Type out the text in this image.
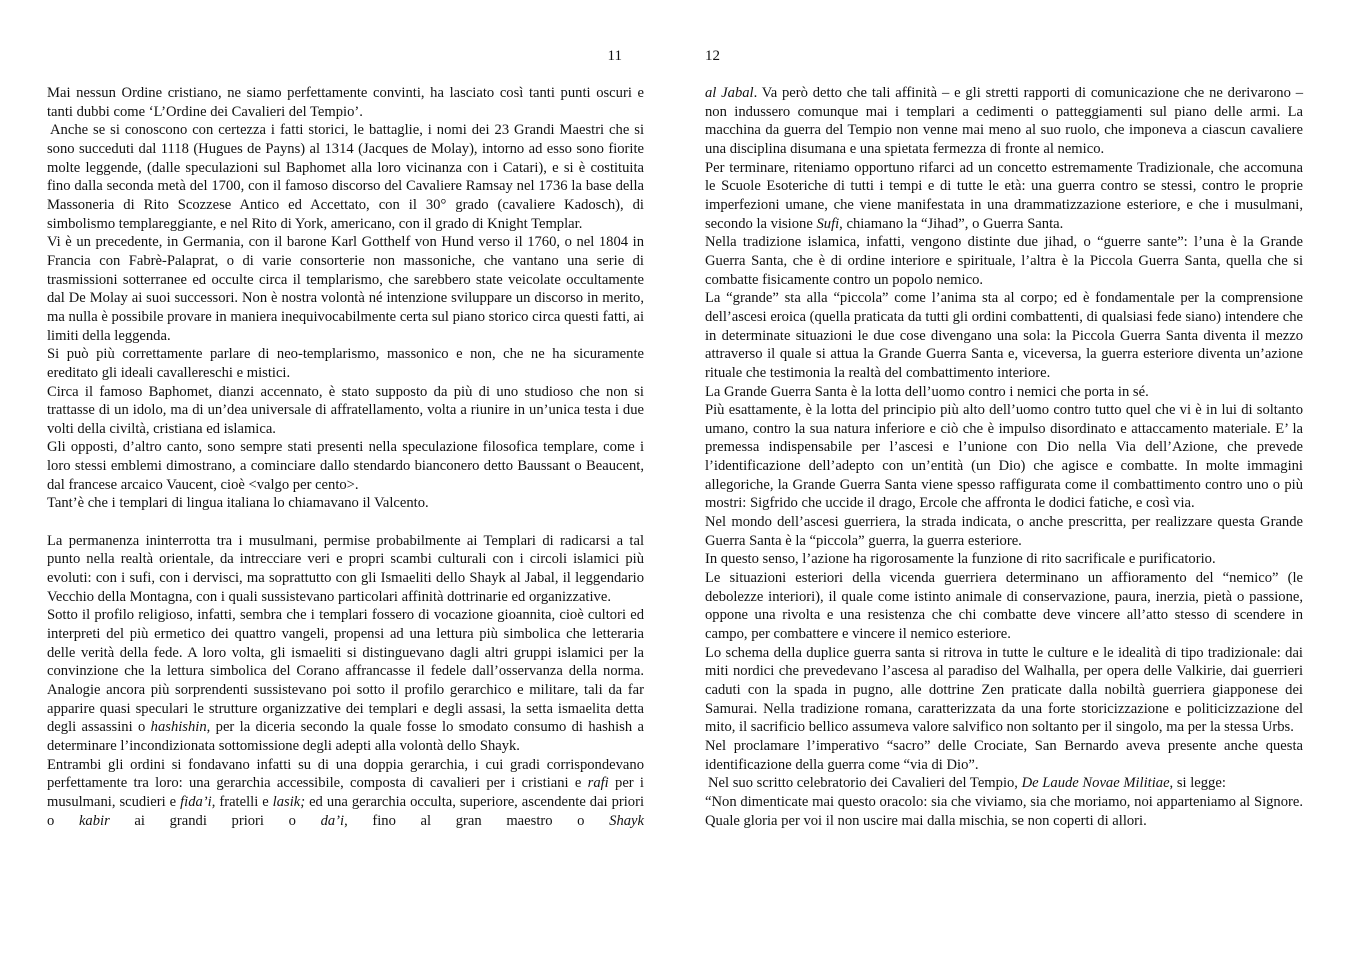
11

Mai nessun Ordine cristiano, ne siamo perfettamente convinti, ha lasciato così tanti punti oscuri e tanti dubbi come ‘L’Ordine dei Cavalieri del Tempio’.

Anche se si conoscono con certezza i fatti storici, le battaglie, i nomi dei 23 Grandi Maestri che si sono succeduti dal 1118 (Hugues de Payns) al 1314 (Jacques de Molay), intorno ad esso sono fiorite molte leggende, (dalle speculazioni sul Baphomet alla loro vicinanza con i Catari), e si è costituita fino dalla seconda metà del 1700, con il famoso discorso del Cavaliere Ramsay nel 1736 la base della Massoneria di Rito Scozzese Antico ed Accettato, con il 30° grado (cavaliere Kadosch), di simbolismo templareggiante, e nel Rito di York, americano, con il grado di Knight Templar.

Vi è un precedente, in Germania, con il barone Karl Gotthelf von Hund verso il 1760, o nel 1804 in Francia con Fabrè-Palaprat, o di varie consorterie non massoniche, che vantano una serie di trasmissioni sotterranee ed occulte circa il templarismo, che sarebbero state veicolate occultamente dal De Molay ai suoi successori. Non è nostra volontà né intenzione sviluppare un discorso in merito, ma nulla è possibile provare in maniera inequivocabilmente certa sul piano storico circa questi fatti, ai limiti della leggenda.

Si può più correttamente parlare di neo-templarismo, massonico e non, che ne ha sicuramente ereditato gli ideali cavallereschi e mistici.

Circa il famoso Baphomet, dianzi accennato, è stato supposto da più di uno studioso che non si trattasse di un idolo, ma di un’dea universale di affratellamento, volta a riunire in un’unica testa i due volti della civiltà, cristiana ed islamica.

Gli opposti, d’altro canto, sono sempre stati presenti nella speculazione filosofica templare, come i loro stessi emblemi dimostrano, a cominciare dallo stendardo bianconero detto Baussant o Beaucent, dal francese arcaico Vaucent, cioè <valgo per cento>.

Tant’è che i templari di lingua italiana lo chiamavano il Valcento.

La permanenza ininterrotta tra i musulmani, permise probabilmente ai Templari di radicarsi a tal punto nella realtà orientale, da intrecciare veri e propri scambi culturali con i circoli islamici più evoluti: con i sufi, con i dervisci, ma soprattutto con gli Ismaeliti dello Shayk al Jabal, il leggendario Vecchio della Montagna, con i quali sussistevano particolari affinità dottrinarie ed organizzative.

Sotto il profilo religioso, infatti, sembra che i templari fossero di vocazione gioannita, cioè cultori ed interpreti del più ermetico dei quattro vangeli, propensi ad una lettura più simbolica che letteraria delle verità della fede. A loro volta, gli ismaeliti si distinguevano dagli altri gruppi islamici per la convinzione che la lettura simbolica del Corano affrancasse il fedele dall’osservanza della norma. Analogie ancora più sorprendenti sussistevano poi sotto il profilo gerarchico e militare, tali da far apparire quasi speculari le strutture organizzative dei templari e degli assasi, la setta ismaelita detta degli assassini o hashishin, per la diceria secondo la quale fosse lo smodato consumo di hashish a determinare l’incondizionata sottomissione degli adepti alla volontà dello Shayk.

Entrambi gli ordini si fondavano infatti su di una doppia gerarchia, i cui gradi corrispondevano perfettamente tra loro: una gerarchia accessibile, composta di cavalieri per i cristiani e rafi per i musulmani, scudieri e fida’i, fratelli e lasik; ed una gerarchia occulta, superiore, ascendente dai priori o kabir ai grandi priori o da’i, fino al gran maestro o Shayk

12

al Jabal. Va però detto che tali affinità – e gli stretti rapporti di comunicazione che ne derivarono – non indussero comunque mai i templari a cedimenti o patteggiamenti sul piano delle armi. La macchina da guerra del Tempio non venne mai meno al suo ruolo, che imponeva a ciascun cavaliere una disciplina disumana e una spietata fermezza di fronte al nemico.

Per terminare, riteniamo opportuno rifarci ad un concetto estremamente Tradizionale, che accomuna le Scuole Esoteriche di tutti i tempi e di tutte le età: una guerra contro se stessi, contro le proprie imperfezioni umane, che viene manifestata in una drammatizzazione esteriore, e che i musulmani, secondo la visione Sufi, chiamano la “Jihad”, o Guerra Santa.

Nella tradizione islamica, infatti, vengono distinte due jihad, o “guerre sante”: l’una è la Grande Guerra Santa, che è di ordine interiore e spirituale, l’altra è la Piccola Guerra Santa, quella che si combatte fisicamente contro un popolo nemico.

La “grande” sta alla “piccola” come l’anima sta al corpo; ed è fondamentale per la comprensione dell’ascesi eroica (quella praticata da tutti gli ordini combattenti, di qualsiasi fede siano) intendere che in determinate situazioni le due cose divengano una sola: la Piccola Guerra Santa diventa il mezzo attraverso il quale si attua la Grande Guerra Santa e, viceversa, la guerra esteriore diventa un’azione rituale che testimonia la realtà del combattimento interiore.

La Grande Guerra Santa è la lotta dell’uomo contro i nemici che porta in sé.

Più esattamente, è la lotta del principio più alto dell’uomo contro tutto quel che vi è in lui di soltanto umano, contro la sua natura inferiore e ciò che è impulso disordinato e attaccamento materiale. E’ la premessa indispensabile per l’ascesi e l’unione con Dio nella Via dell’Azione, che prevede l’identificazione dell’adepto con un’entità (un Dio) che agisce e combatte. In molte immagini allegoriche, la Grande Guerra Santa viene spesso raffigurata come il combattimento contro uno o più mostri: Sigfrido che uccide il drago, Ercole che affronta le dodici fatiche, e così via.

Nel mondo dell’ascesi guerriera, la strada indicata, o anche prescritta, per realizzare questa Grande Guerra Santa è la “piccola” guerra, la guerra esteriore.

In questo senso, l’azione ha rigorosamente la funzione di rito sacrificale e purificatorio.

Le situazioni esteriori della vicenda guerriera determinano un affioramento del “nemico” (le debolezze interiori), il quale come istinto animale di conservazione, paura, inerzia, pietà o passione, oppone una rivolta e una resistenza che chi combatte deve vincere all’atto stesso di scendere in campo, per combattere e vincere il nemico esteriore.

Lo schema della duplice guerra santa si ritrova in tutte le culture e le idealità di tipo tradizionale: dai miti nordici che prevedevano l’ascesa al paradiso del Walhalla, per opera delle Valkirie, dai guerrieri caduti con la spada in pugno, alle dottrine Zen praticate dalla nobiltà guerriera giapponese dei Samurai. Nella tradizione romana, caratterizzata da una forte storicizzazione e politicizzazione del mito, il sacrificio bellico assumeva valore salvifico non soltanto per il singolo, ma per la stessa Urbs.

Nel proclamare l’imperativo “sacro” delle Crociate, San Bernardo aveva presente anche questa identificazione della guerra come “via di Dio”.

Nel suo scritto celebratorio dei Cavalieri del Tempio, De Laude Novae Militiae, si legge:

“Non dimenticate mai questo oracolo: sia che viviamo, sia che moriamo, noi apparteniamo al Signore. Quale gloria per voi il non uscire mai dalla mischia, se non coperti di allori.
